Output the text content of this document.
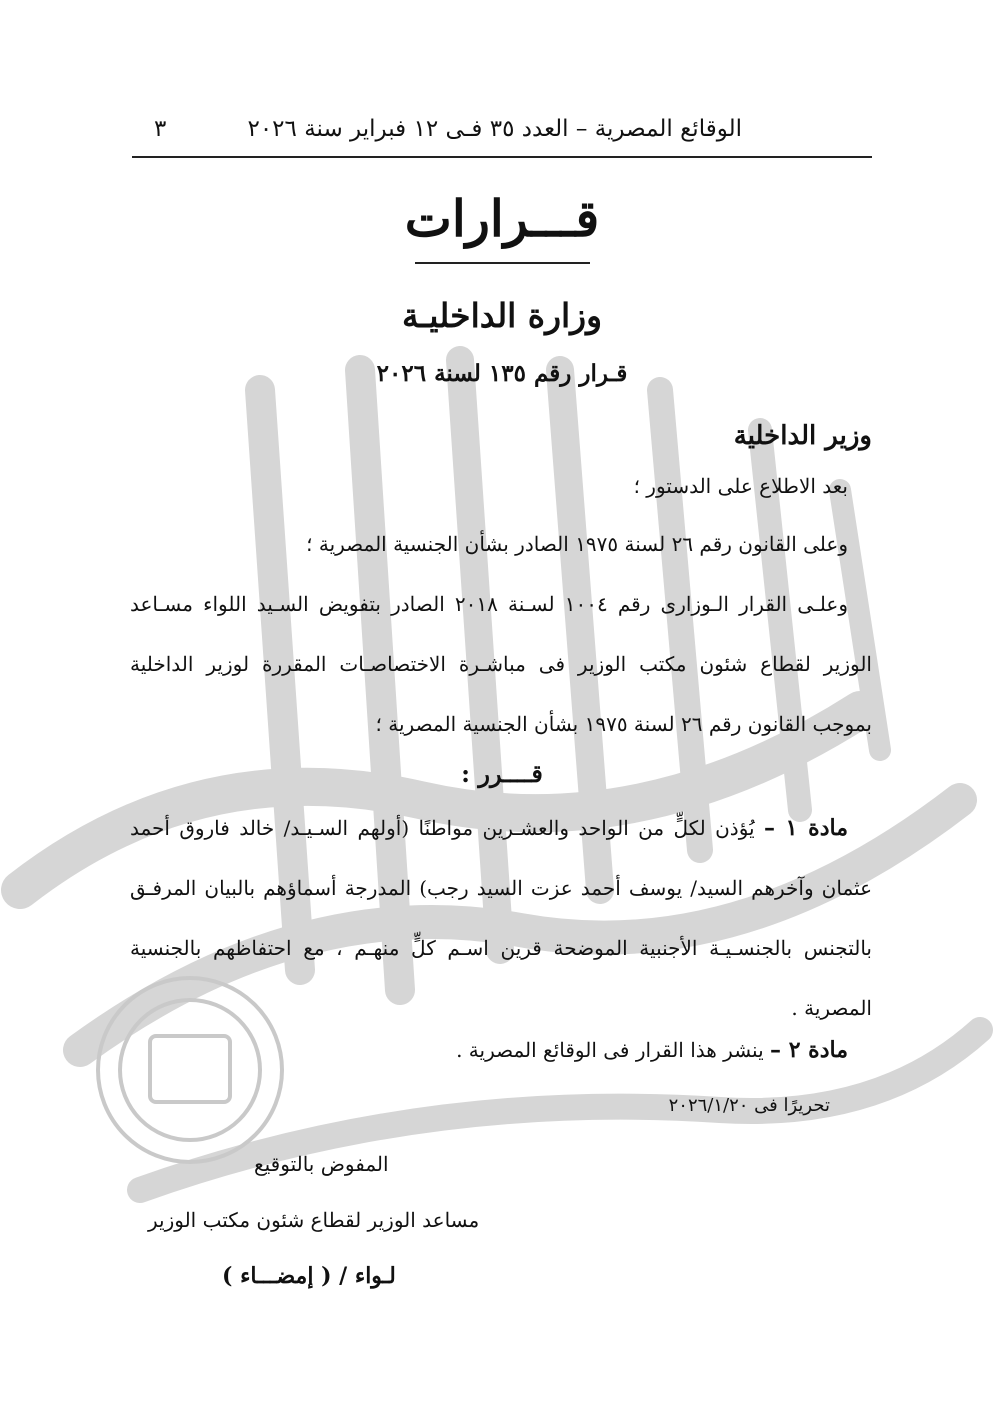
الوقائع المصرية – العدد ٣٥ فـى ١٢ فبراير سنة ٢٠٢٦
٣
قـــرارات
وزارة الداخليـة
قـرار رقم ١٣٥ لسنة ٢٠٢٦
وزير الداخلية
بعد الاطلاع على الدستور ؛
وعلى القانون رقم ٢٦ لسنة ١٩٧٥ الصادر بشأن الجنسية المصرية ؛
وعلـى القرار الـوزارى رقم ١٠٠٤ لسـنة ٢٠١٨ الصادر بتفويض السـيد اللواء مسـاعد الوزير لقطاع شئون مكتب الوزير فى مباشـرة الاختصاصـات المقررة لوزير الداخلية بموجب القانون رقم ٢٦ لسنة ١٩٧٥ بشأن الجنسية المصرية ؛
قــــرر :
مادة ١ – يُؤذن لكلٍّ من الواحد والعشـرين مواطنًا (أولهم السـيـد/ خالد فاروق أحمد عثمان وآخرهم السيد/ يوسف أحمد عزت السيد رجب) المدرجة أسماؤهم بالبيان المرفـق بالتجنس بالجنسـيـة الأجنبية الموضحة قرين اسـم كلٍّ منهـم ، مع احتفاظهم بالجنسية المصرية .
مادة ٢ – ينشر هذا القرار فى الوقائع المصرية .
تحريرًا فى ٢٠٢٦/١/٢٠
المفوض بالتوقيع
مساعد الوزير لقطاع شئون مكتب الوزير
لـواء / ( إمضـــاء )
